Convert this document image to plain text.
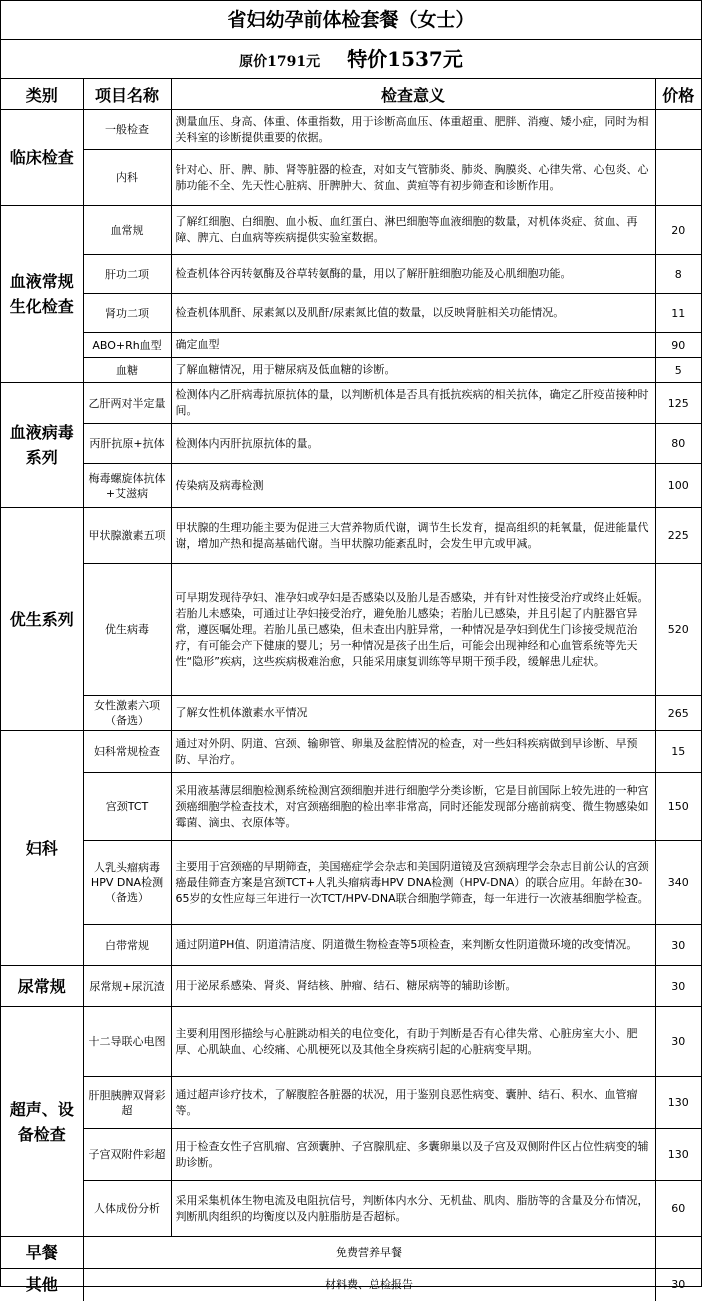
省妇幼孕前体检套餐（女士）
原价1791元 特价1537元
类别	项目名称	检查意义	价格
临床检查	一般检查	测量血压、身高、体重、体重指数，用于诊断高血压、体重超重、肥胖、消瘦、矮小症，同时为相关科室的诊断提供重要的依据。	
	内科	针对心、肝、脾、肺、肾等脏器的检查，对如支气管肺炎、肺炎、胸膜炎、心律失常、心包炎、心肺功能不全、先天性心脏病、肝脾肿大、贫血、黄疸等有初步筛查和诊断作用。	
血液常规生化检查	血常规	了解红细胞、白细胞、血小板、血红蛋白、淋巴细胞等血液细胞的数量，对机体炎症、贫血、再障、脾亢、白血病等疾病提供实验室数据。	20
	肝功二项	检查机体谷丙转氨酶及谷草转氨酶的量，用以了解肝脏细胞功能及心肌细胞功能。	8
	肾功二项	检查机体肌酐、尿素氮以及肌酐/尿素氮比值的数量，以反映肾脏相关功能情况。	11
	ABO+Rh血型	确定血型	90
	血糖	了解血糖情况，用于糖尿病及低血糖的诊断。	5
血液病毒系列	乙肝两对半定量	检测体内乙肝病毒抗原抗体的量，以判断机体是否具有抵抗疾病的相关抗体，确定乙肝疫苗接种时间。	125
	丙肝抗原+抗体	检测体内丙肝抗原抗体的量。	80
	梅毒螺旋体抗体+艾滋病	传染病及病毒检测	100
优生系列	甲状腺激素五项	甲状腺的生理功能主要为促进三大营养物质代谢，调节生长发育，提高组织的耗氧量，促进能量代谢，增加产热和提高基础代谢。当甲状腺功能紊乱时，会发生甲亢或甲减。	225
	优生病毒	可早期发现待孕妇、准孕妇或孕妇是否感染以及胎儿是否感染，并有针对性接受治疗或终止妊娠。若胎儿未感染，可通过让孕妇接受治疗，避免胎儿感染；若胎儿已感染，并且引起了内脏器官异常，遵医嘱处理。若胎儿虽已感染，但未查出内脏异常，一种情况是孕妇到优生门诊接受规范治疗，有可能会产下健康的婴儿；另一种情况是孩子出生后，可能会出现神经和心血管系统等先天性“隐形”疾病，这些疾病极难治愈，只能采用康复训练等早期干预手段，缓解患儿症状。	520
	女性激素六项（备选）	了解女性机体激素水平情况	265
妇科	妇科常规检查	通过对外阴、阴道、宫颈、输卵管、卵巢及盆腔情况的检查，对一些妇科疾病做到早诊断、早预防、早治疗。	15
	宫颈TCT	采用液基薄层细胞检测系统检测宫颈细胞并进行细胞学分类诊断，它是目前国际上较先进的一种宫颈癌细胞学检查技术，对宫颈癌细胞的检出率非常高，同时还能发现部分癌前病变、微生物感染如霉菌、滴虫、衣原体等。	150
	人乳头瘤病毒HPV DNA检测（备选）	主要用于宫颈癌的早期筛查，美国癌症学会杂志和美国阴道镜及宫颈病理学会杂志目前公认的宫颈癌最佳筛查方案是宫颈TCT+人乳头瘤病毒HPV DNA检测（HPV-DNA）的联合应用。年龄在30-65岁的女性应每三年进行一次TCT/HPV-DNA联合细胞学筛查，每一年进行一次液基细胞学检查。	340
	白带常规	通过阴道PH值、阴道清洁度、阴道微生物检查等5项检查，来判断女性阴道微环境的改变情况。	30
尿常规	尿常规+尿沉渣	用于泌尿系感染、肾炎、肾结核、肿瘤、结石、糖尿病等的辅助诊断。	30
超声、设备检查	十二导联心电图	主要利用图形描绘与心脏跳动相关的电位变化，有助于判断是否有心律失常、心脏房室大小、肥厚、心肌缺血、心绞痛、心肌梗死以及其他全身疾病引起的心脏病变早期。	30
	肝胆胰脾双肾彩超	通过超声诊疗技术，了解腹腔各脏器的状况，用于鉴别良恶性病变、囊肿、结石、积水、血管瘤等。	130
	子宫双附件彩超	用于检查女性子宫肌瘤、宫颈囊肿、子宫腺肌症、多囊卵巢以及子宫及双侧附件区占位性病变的辅助诊断。	130
	人体成份分析	采用采集机体生物电流及电阻抗信号，判断体内水分、无机盐、肌肉、脂肪等的含量及分布情况，判断肌肉组织的均衡度以及内脏脂肪是否超标。	60
早餐	免费营养早餐		
其他	材料费、总检报告		30
